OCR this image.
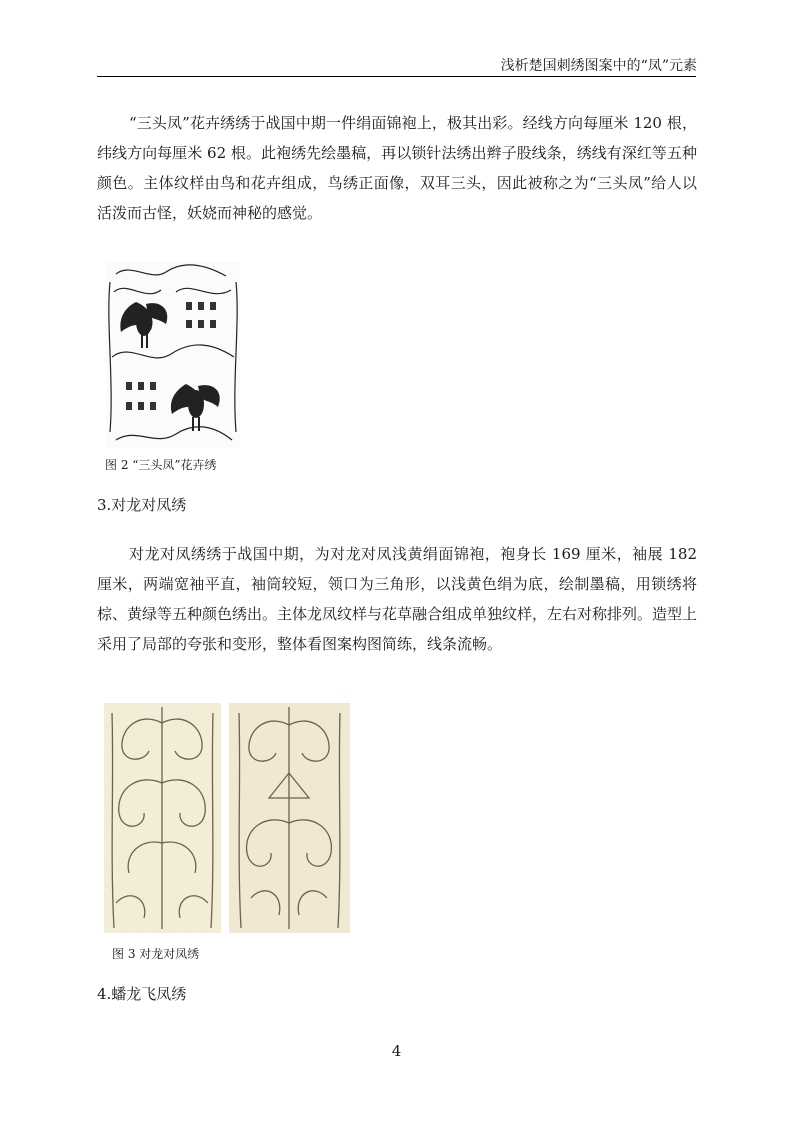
浅析楚国刺绣图案中的“凤”元素

“三头凤”花卉绣绣于战国中期一件绢面锦袍上，极其出彩。经线方向每厘米 120 根，纬线方向每厘米 62 根。此袍绣先绘墨稿，再以锁针法绣出辫子股线条，绣线有深红等五种颜色。主体纹样由鸟和花卉组成，鸟绣正面像，双耳三头，因此被称之为“三头凤”给人以活泼而古怪，妖娆而神秘的感觉。

图 2 “三头凤”花卉绣

3.对龙对凤绣

对龙对凤绣绣于战国中期，为对龙对凤浅黄绢面锦袍，袍身长 169 厘米，袖展 182 厘米，两端宽袖平直，袖筒较短，领口为三角形，以浅黄色绢为底，绘制墨稿，用锁绣将棕、黄绿等五种颜色绣出。主体龙凤纹样与花草融合组成单独纹样，左右对称排列。造型上采用了局部的夸张和变形，整体看图案构图简练，线条流畅。

图 3 对龙对凤绣

4.蟠龙飞凤绣

4
